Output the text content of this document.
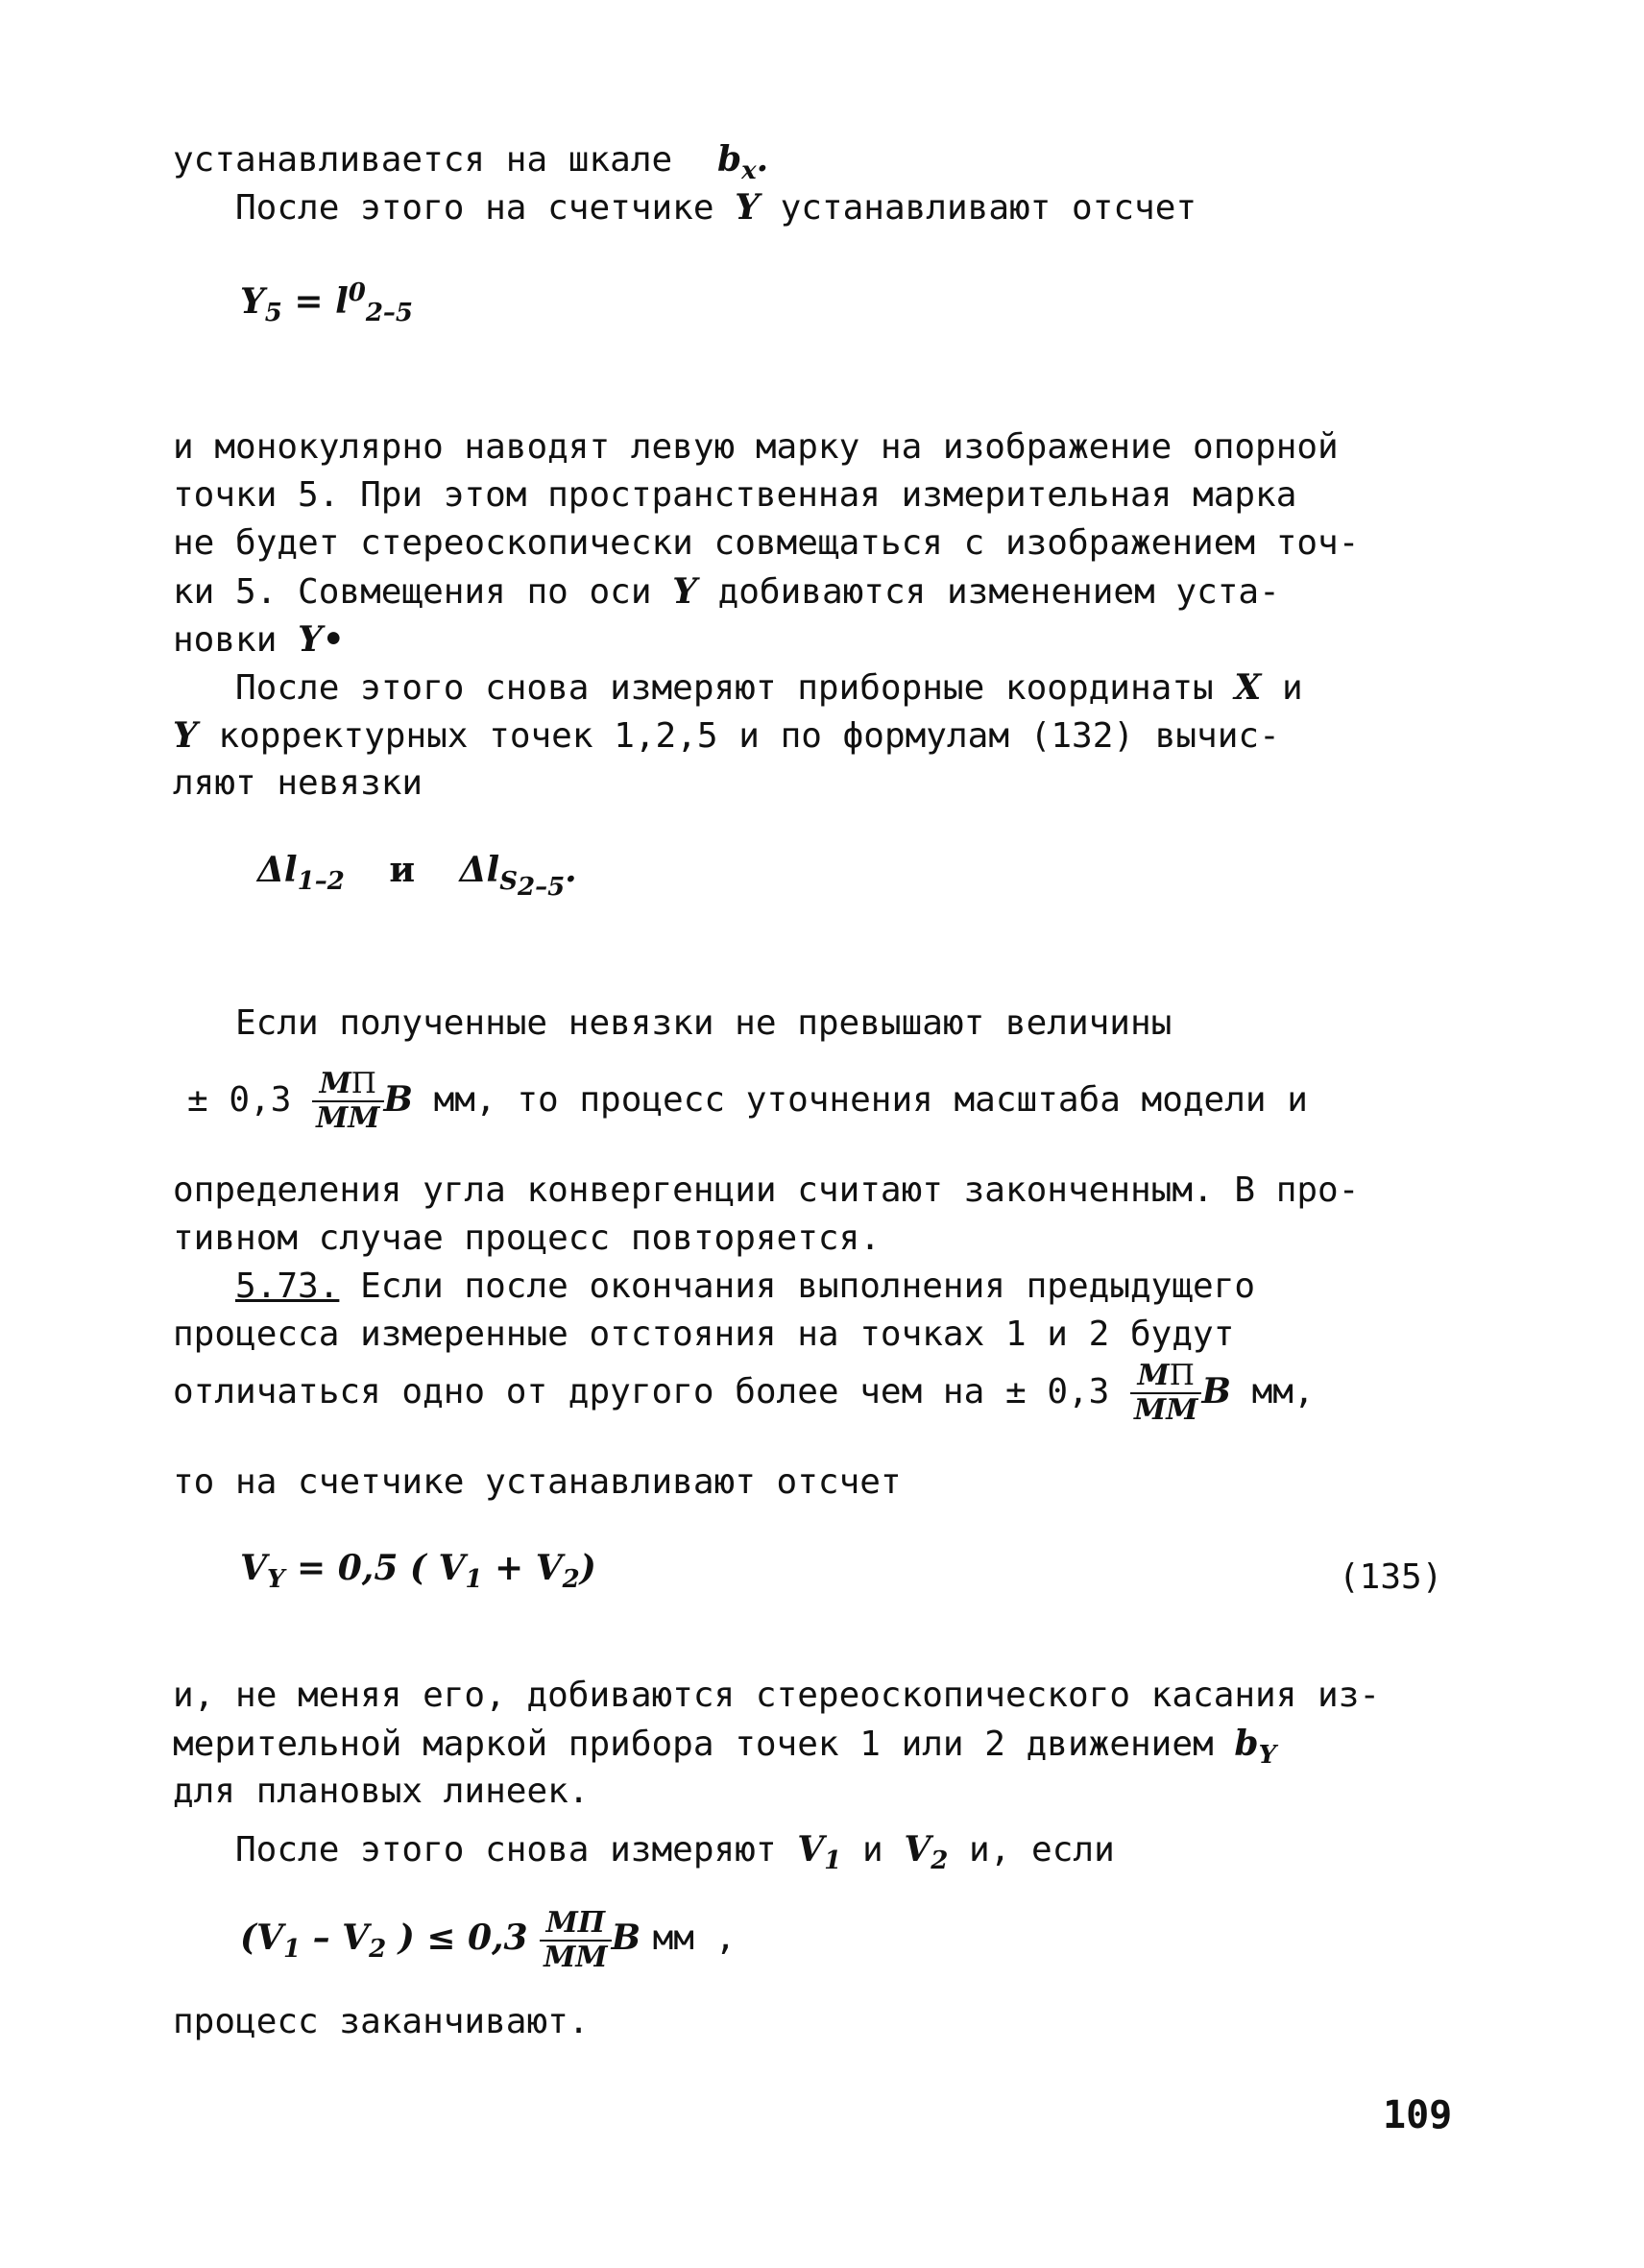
устанавливается на шкале $b_x$.
После этого на счетчике Y устанавливают отсчет
$Y_5 = l^0_{2-5}$
и монокулярно наводят левую марку на изображение опорной
точки 5. При этом пространственная измерительная марка
не будет стереоскопически совмещаться с изображением точ-
ки 5. Совмещения по оси Y добиваются изменением уста-
новки Y•
После этого снова измеряют приборные координаты X и
Y корректурных точек 1,2,5 и по формулам (132) вычис-
ляют невязки
$\Delta l_{1-2}$ и $\Delta l_{S_{2-5}}$.
Если полученные невязки не превышают величины
± $0,3 \frac{MП}{MM}$ B мм, то процесс уточнения масштаба модели и
определения угла конвергенции считают законченным. В про-
тивном случае процесс повторяется.
5.73. Если после окончания выполнения предыдущего
процесса измеренные отстояния на точках 1 и 2 будут
отличаться одно от другого более чем на ± $0,3 \frac{MП}{MM}$ B мм,
то на счетчике устанавливают отсчет
$V_Y = 0,5$ ( $V_1 + V_2$)	(135)
и, не меняя его, добиваются стереоскопического касания из-
мерительной маркой прибора точек 1 или 2 движением $b_Y$
для плановых линеек.
После этого снова измеряют $V_1$ и $V_2$ и, если
($V_1 - V_2$ ) ≤ $0,3 \frac{MП}{MM}$ B мм ,
процесс заканчивают.
109
